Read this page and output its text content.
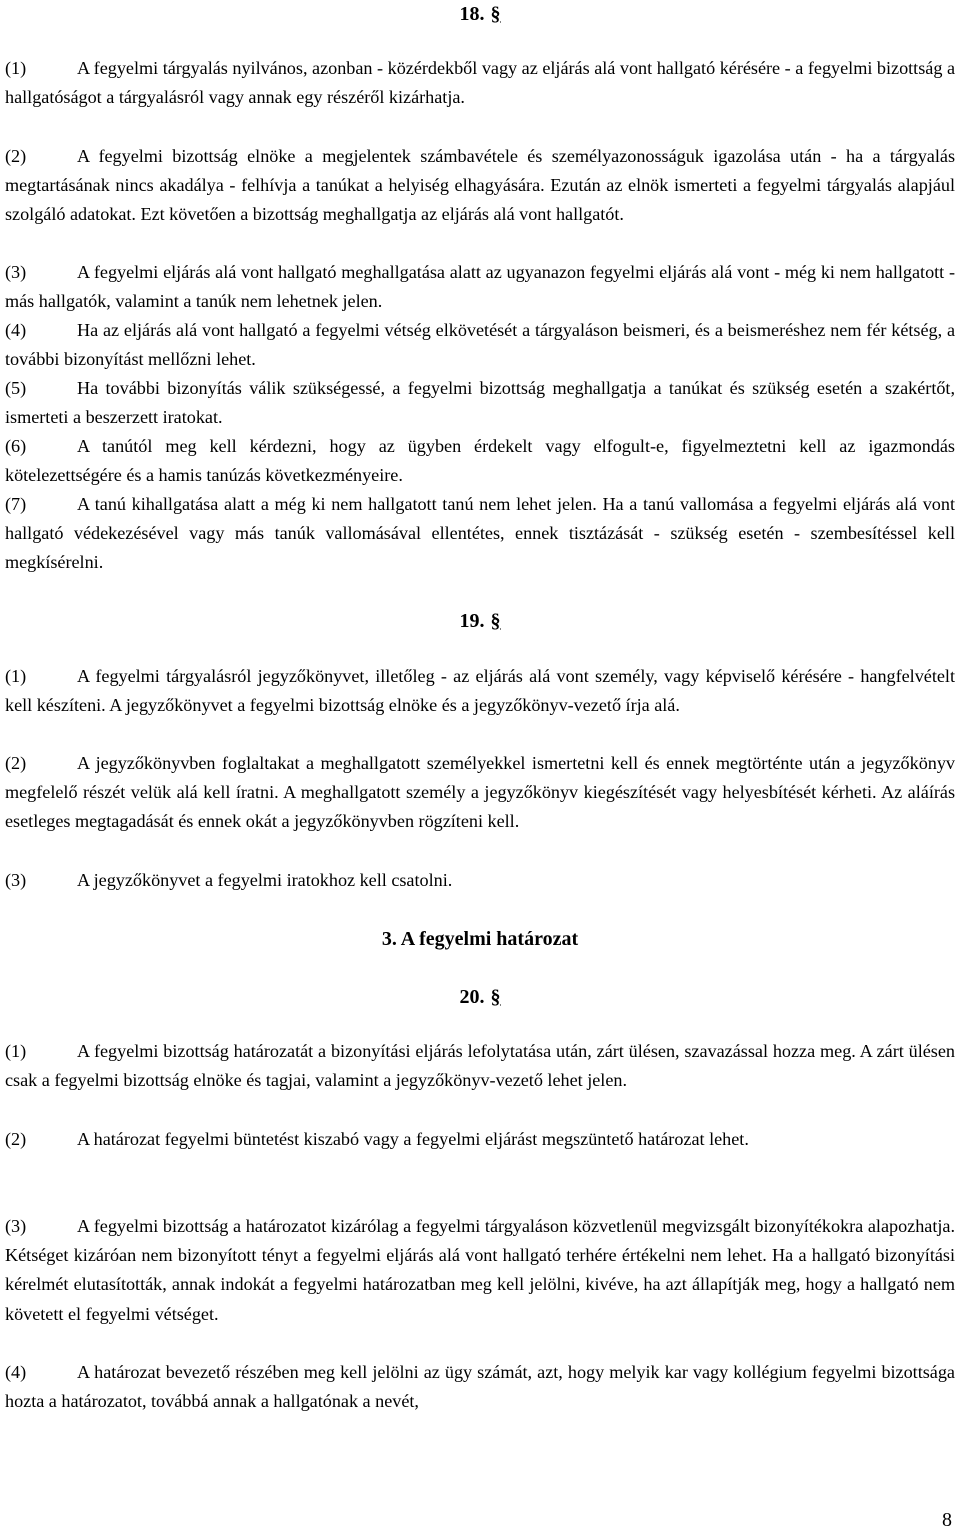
18. §

(1)	A fegyelmi tárgyalás nyilvános, azonban - közérdekből vagy az eljárás alá vont hallgató kérésére - a fegyelmi bizottság a hallgatóságot a tárgyalásról vagy annak egy részéről kizárhatja.

(2)	A fegyelmi bizottság elnöke a megjelentek számbavétele és személyazonosságuk igazolása után - ha a tárgyalás megtartásának nincs akadálya - felhívja a tanúkat a helyiség elhagyására. Ezután az elnök ismerteti a fegyelmi tárgyalás alapjául szolgáló adatokat. Ezt követően a bizottság meghallgatja az eljárás alá vont hallgatót.

(3)	A fegyelmi eljárás alá vont hallgató meghallgatása alatt az ugyanazon fegyelmi eljárás alá vont - még ki nem hallgatott - más hallgatók, valamint a tanúk nem lehetnek jelen.

(4)	Ha az eljárás alá vont hallgató a fegyelmi vétség elkövetését a tárgyaláson beismeri, és a beismeréshez nem fér kétség, a további bizonyítást mellőzni lehet.

(5)	Ha további bizonyítás válik szükségessé, a fegyelmi bizottság meghallgatja a tanúkat és szükség esetén a szakértőt, ismerteti a beszerzett iratokat.

(6)	A tanútól meg kell kérdezni, hogy az ügyben érdekelt vagy elfogult-e, figyelmeztetni kell az igazmondás kötelezettségére és a hamis tanúzás következményeire.

(7)	A tanú kihallgatása alatt a még ki nem hallgatott tanú nem lehet jelen. Ha a tanú vallomása a fegyelmi eljárás alá vont hallgató védekezésével vagy más tanúk vallomásával ellentétes, ennek tisztázását - szükség esetén - szembesítéssel kell megkísérelni.

19. §

(1)	A fegyelmi tárgyalásról jegyzőkönyvet, illetőleg - az eljárás alá vont személy, vagy képviselő kérésére - hangfelvételt kell készíteni. A jegyzőkönyvet a fegyelmi bizottság elnöke és a jegyzőkönyv-vezető írja alá.

(2)	A jegyzőkönyvben foglaltakat a meghallgatott személyekkel ismertetni kell és ennek megtörténte után a jegyzőkönyv megfelelő részét velük alá kell íratni. A meghallgatott személy a jegyzőkönyv kiegészítését vagy helyesbítését kérheti. Az aláírás esetleges megtagadását és ennek okát a jegyzőkönyvben rögzíteni kell.

(3)	A jegyzőkönyvet a fegyelmi iratokhoz kell csatolni.

3. A fegyelmi határozat
20. §

(1)	A fegyelmi bizottság határozatát a bizonyítási eljárás lefolytatása után, zárt ülésen, szavazással hozza meg. A zárt ülésen csak a fegyelmi bizottság elnöke és tagjai, valamint a jegyzőkönyv-vezető lehet jelen.

(2)	A határozat fegyelmi büntetést kiszabó vagy a fegyelmi eljárást megszüntető határozat lehet.

(3)	A fegyelmi bizottság a határozatot kizárólag a fegyelmi tárgyaláson közvetlenül megvizsgált bizonyítékokra alapozhatja. Kétséget kizáróan nem bizonyított tényt a fegyelmi eljárás alá vont hallgató terhére értékelni nem lehet. Ha a hallgató bizonyítási kérelmét elutasították, annak indokát a fegyelmi határozatban meg kell jelölni, kivéve, ha azt állapítják meg, hogy a hallgató nem követett el fegyelmi vétséget.

(4)	A határozat bevezető részében meg kell jelölni az ügy számát, azt, hogy melyik kar vagy kollégium fegyelmi bizottsága hozta a határozatot, továbbá annak a hallgatónak a nevét,

8
